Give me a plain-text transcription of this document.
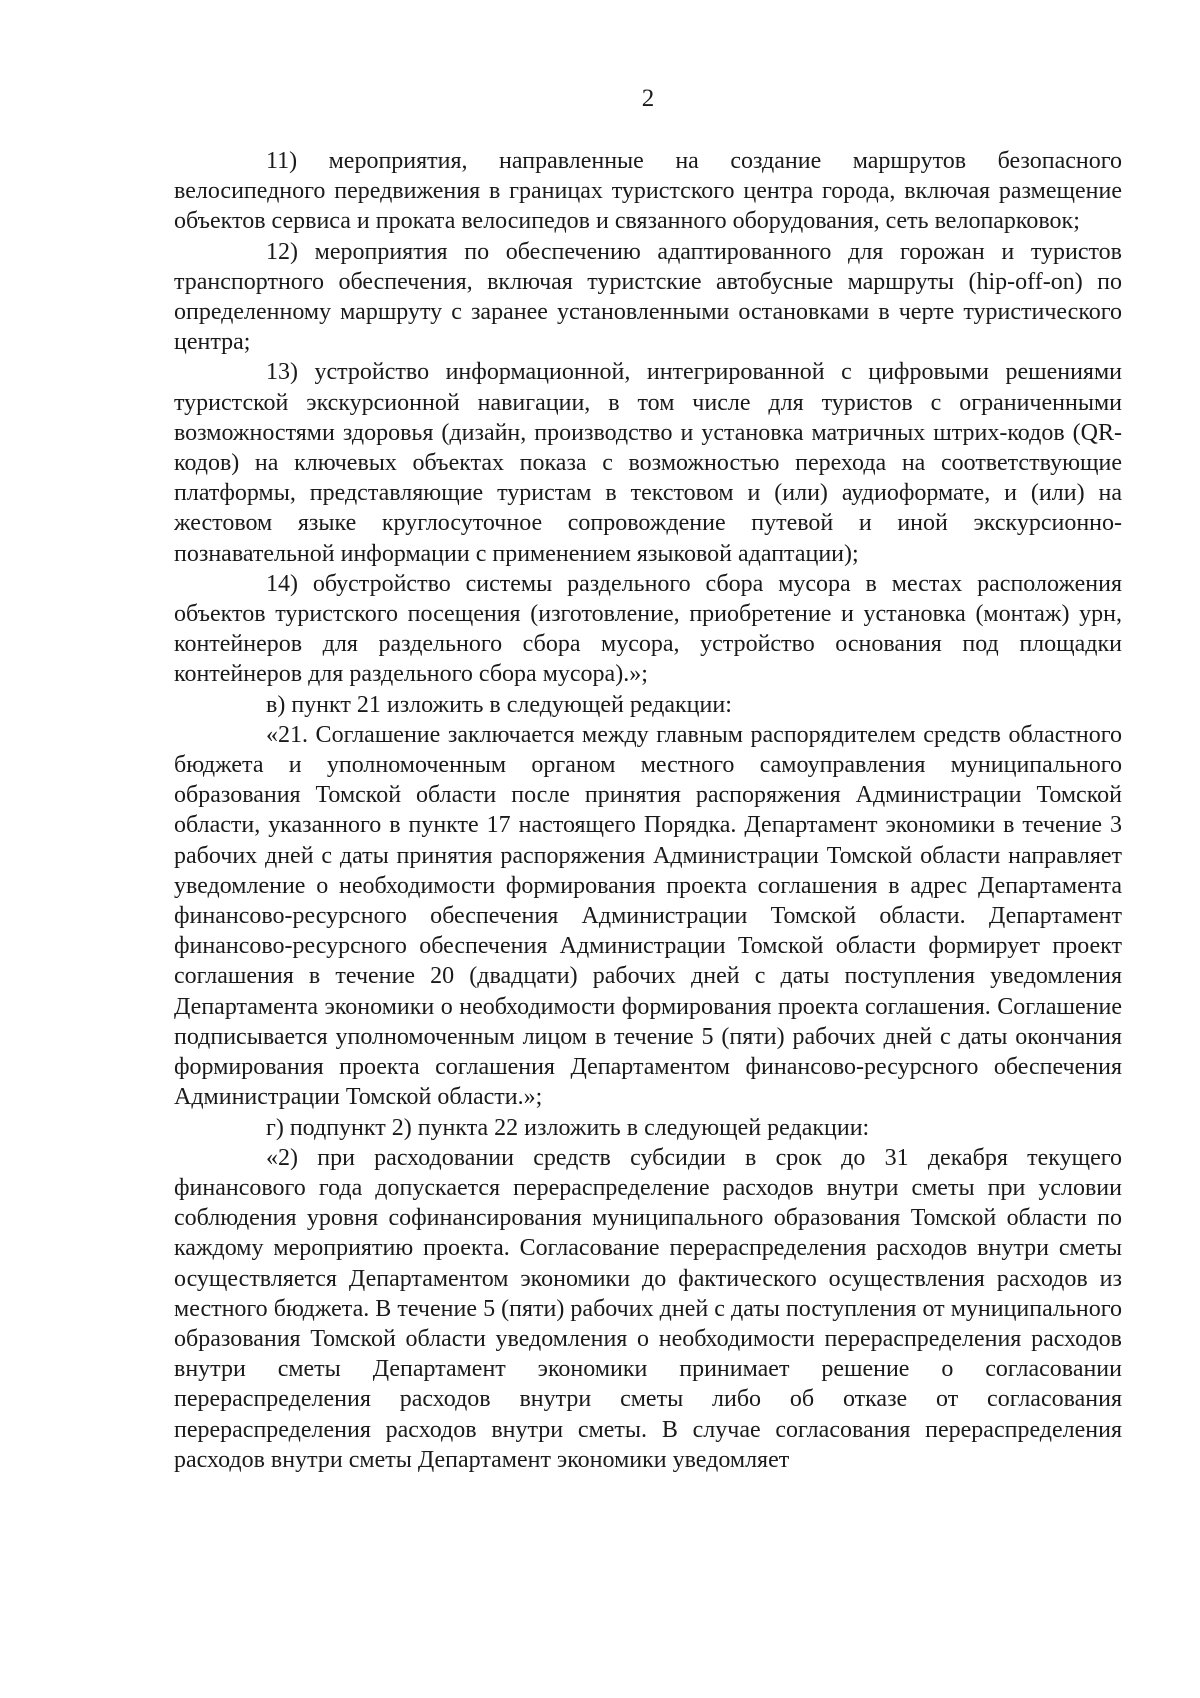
2

11) мероприятия, направленные на создание маршрутов безопасного велосипедного передвижения в границах туристского центра города, включая размещение объектов сервиса и проката велосипедов и связанного оборудования, сеть велопарковок;

12) мероприятия по обеспечению адаптированного для горожан и туристов транспортного обеспечения, включая туристские автобусные маршруты (hip-off-on) по определенному маршруту с заранее установленными остановками в черте туристического центра;

13) устройство информационной, интегрированной с цифровыми решениями туристской экскурсионной навигации, в том числе для туристов с ограниченными возможностями здоровья (дизайн, производство и установка матричных штрих-кодов (QR-кодов) на ключевых объектах показа с возможностью перехода на соответствующие платформы, представляющие туристам в текстовом и (или) аудиоформате, и (или) на жестовом языке круглосуточное сопровождение путевой и иной экскурсионно-познавательной информации с применением языковой адаптации);

14) обустройство системы раздельного сбора мусора в местах расположения объектов туристского посещения (изготовление, приобретение и установка (монтаж) урн, контейнеров для раздельного сбора мусора, устройство основания под площадки контейнеров для раздельного сбора мусора).»;

в) пункт 21 изложить в следующей редакции:

«21. Соглашение заключается между главным распорядителем средств областного бюджета и уполномоченным органом местного самоуправления муниципального образования Томской области после принятия распоряжения Администрации Томской области, указанного в пункте 17 настоящего Порядка. Департамент экономики в течение 3 рабочих дней с даты принятия распоряжения Администрации Томской области направляет уведомление о необходимости формирования проекта соглашения в адрес Департамента финансово-ресурсного обеспечения Администрации Томской области. Департамент финансово-ресурсного обеспечения Администрации Томской области формирует проект соглашения в течение 20 (двадцати) рабочих дней с даты поступления уведомления Департамента экономики о необходимости формирования проекта соглашения. Соглашение подписывается уполномоченным лицом в течение 5 (пяти) рабочих дней с даты окончания формирования проекта соглашения Департаментом финансово-ресурсного обеспечения Администрации Томской области.»;

г) подпункт 2) пункта 22 изложить в следующей редакции:

«2) при расходовании средств субсидии в срок до 31 декабря текущего финансового года допускается перераспределение расходов внутри сметы при условии соблюдения уровня софинансирования муниципального образования Томской области по каждому мероприятию проекта. Согласование перераспределения расходов внутри сметы осуществляется Департаментом экономики до фактического осуществления расходов из местного бюджета. В течение 5 (пяти) рабочих дней с даты поступления от муниципального образования Томской области уведомления о необходимости перераспределения расходов внутри сметы Департамент экономики принимает решение о согласовании перераспределения расходов внутри сметы либо об отказе от согласования перераспределения расходов внутри сметы. В случае согласования перераспределения расходов внутри сметы Департамент экономики уведомляет
